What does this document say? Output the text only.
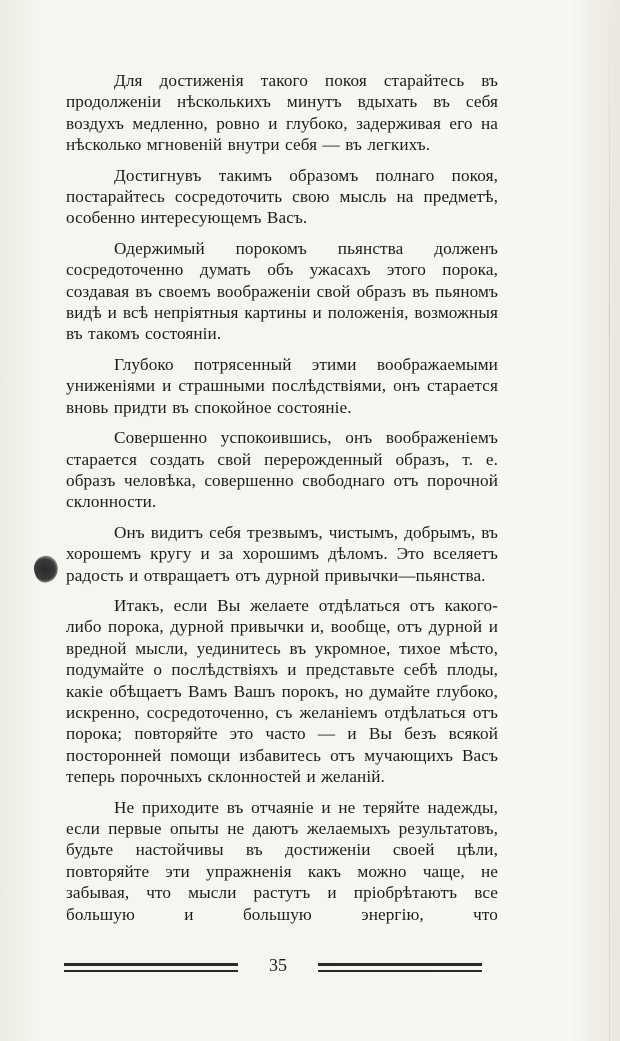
Для достиженія такого покоя старайтесь въ продолженіи нѣсколькихъ минутъ вдыхать въ себя воздухъ медленно, ровно и глубоко, задерживая его на нѣсколько мгновеній внутри себя — въ легкихъ.

Достигнувъ такимъ образомъ полнаго покоя, постарайтесь сосредоточить свою мысль на предметѣ, особенно интересующемъ Васъ.

Одержимый порокомъ пьянства долженъ сосредоточенно думать объ ужасахъ этого порока, создавая въ своемъ воображеніи свой образъ въ пьяномъ видѣ и всѣ непріятныя картины и положенія, возможныя въ такомъ состояніи.

Глубоко потрясенный этими воображаемыми униженіями и страшными послѣдствіями, онъ старается вновь придти въ спокойное состояніе.

Совершенно успокоившись, онъ воображеніемъ старается создать свой перерожденный образъ, т. е. образъ человѣка, совершенно свободнаго отъ порочной склонности.

Онъ видитъ себя трезвымъ, чистымъ, добрымъ, въ хорошемъ кругу и за хорошимъ дѣломъ. Это вселяетъ радость и отвращаетъ отъ дурной привычки—пьянства.

Итакъ, если Вы желаете отдѣлаться отъ какого-либо порока, дурной привычки и, вообще, отъ дурной и вредной мысли, уединитесь въ укромное, тихое мѣсто, подумайте о послѣдствіяхъ и представьте себѣ плоды, какіе обѣщаетъ Вамъ Вашъ порокъ, но думайте глубоко, искренно, сосредоточенно, съ желаніемъ отдѣлаться отъ порока; повторяйте это часто — и Вы безъ всякой посторонней помощи избавитесь отъ мучающихъ Васъ теперь порочныхъ склонностей и желаній.

Не приходите въ отчаяніе и не теряйте надежды, если первые опыты не даютъ желаемыхъ результатовъ, будьте настойчивы въ достиженіи своей цѣли, повторяйте эти упражненія какъ можно чаще, не забывая, что мысли растутъ и пріобрѣтаютъ все большую и большую энергію, что

35
